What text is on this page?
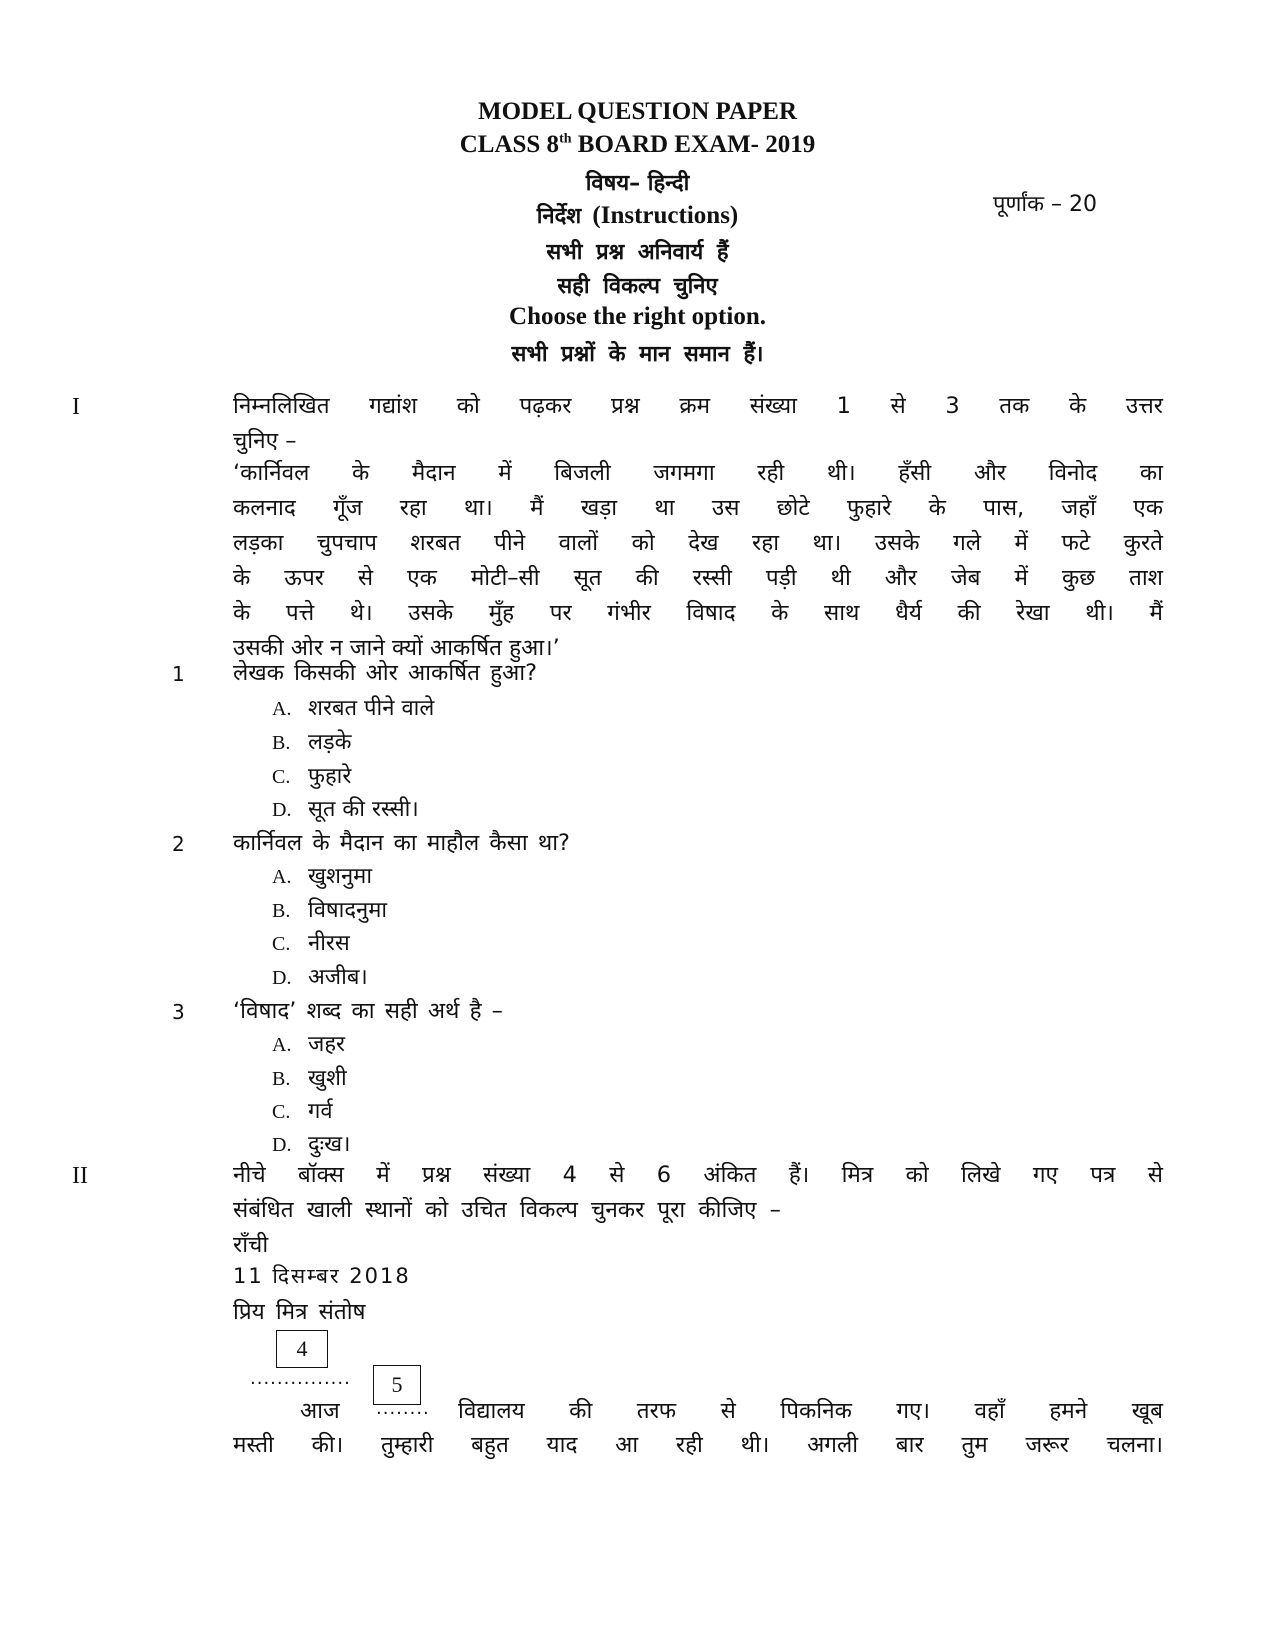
MODEL QUESTION PAPER
CLASS 8th BOARD EXAM- 2019
विषय– हिन्दी
पूर्णांक – 20
निर्देश (Instructions)
सभी प्रश्न अनिवार्य हैं
सही विकल्प चुनिए
Choose the right option.
सभी प्रश्नों के मान समान हैं।
I	निम्नलिखित गद्यांश को पढ़कर प्रश्न क्रम संख्या 1 से 3 तक के उत्तर
चुनिए –
‘कार्निवल के मैदान में बिजली जगमगा रही थी। हँसी और विनोद का
कलनाद गूँज रहा था। मैं खड़ा था उस छोटे फुहारे के पास, जहाँ एक
लड़का चुपचाप शरबत पीने वालों को देख रहा था। उसके गले में फटे कुरते
के ऊपर से एक मोटी–सी सूत की रस्सी पड़ी थी और जेब में कुछ ताश
के पत्ते थे। उसके मुँह पर गंभीर विषाद के साथ धैर्य की रेखा थी। मैं
उसकी ओर न जाने क्यों आकर्षित हुआ।’
1 लेखक किसकी ओर आकर्षित हुआ?
A. शरबत पीने वाले
B. लड़के
C. फुहारे
D. सूत की रस्सी।
2 कार्निवल के मैदान का माहौल कैसा था?
A. खुशनुमा
B. विषादनुमा
C. नीरस
D. अजीब।
3 ‘विषाद’ शब्द का सही अर्थ है –
A. जहर
B. खुशी
C. गर्व
D. दुःख।
II	नीचे बॉक्स में प्रश्न संख्या 4 से 6 अंकित हैं। मित्र को लिखे गए पत्र से
संबंधित खाली स्थानों को उचित विकल्प चुनकर पूरा कीजिए –
राँची
11 दिसम्बर 2018
प्रिय मित्र संतोष
4
...............	5
आज ........ विद्यालय की तरफ से पिकनिक गए। वहाँ हमने खूब
मस्ती की। तुम्हारी बहुत याद आ रही थी। अगली बार तुम जरूर चलना।
